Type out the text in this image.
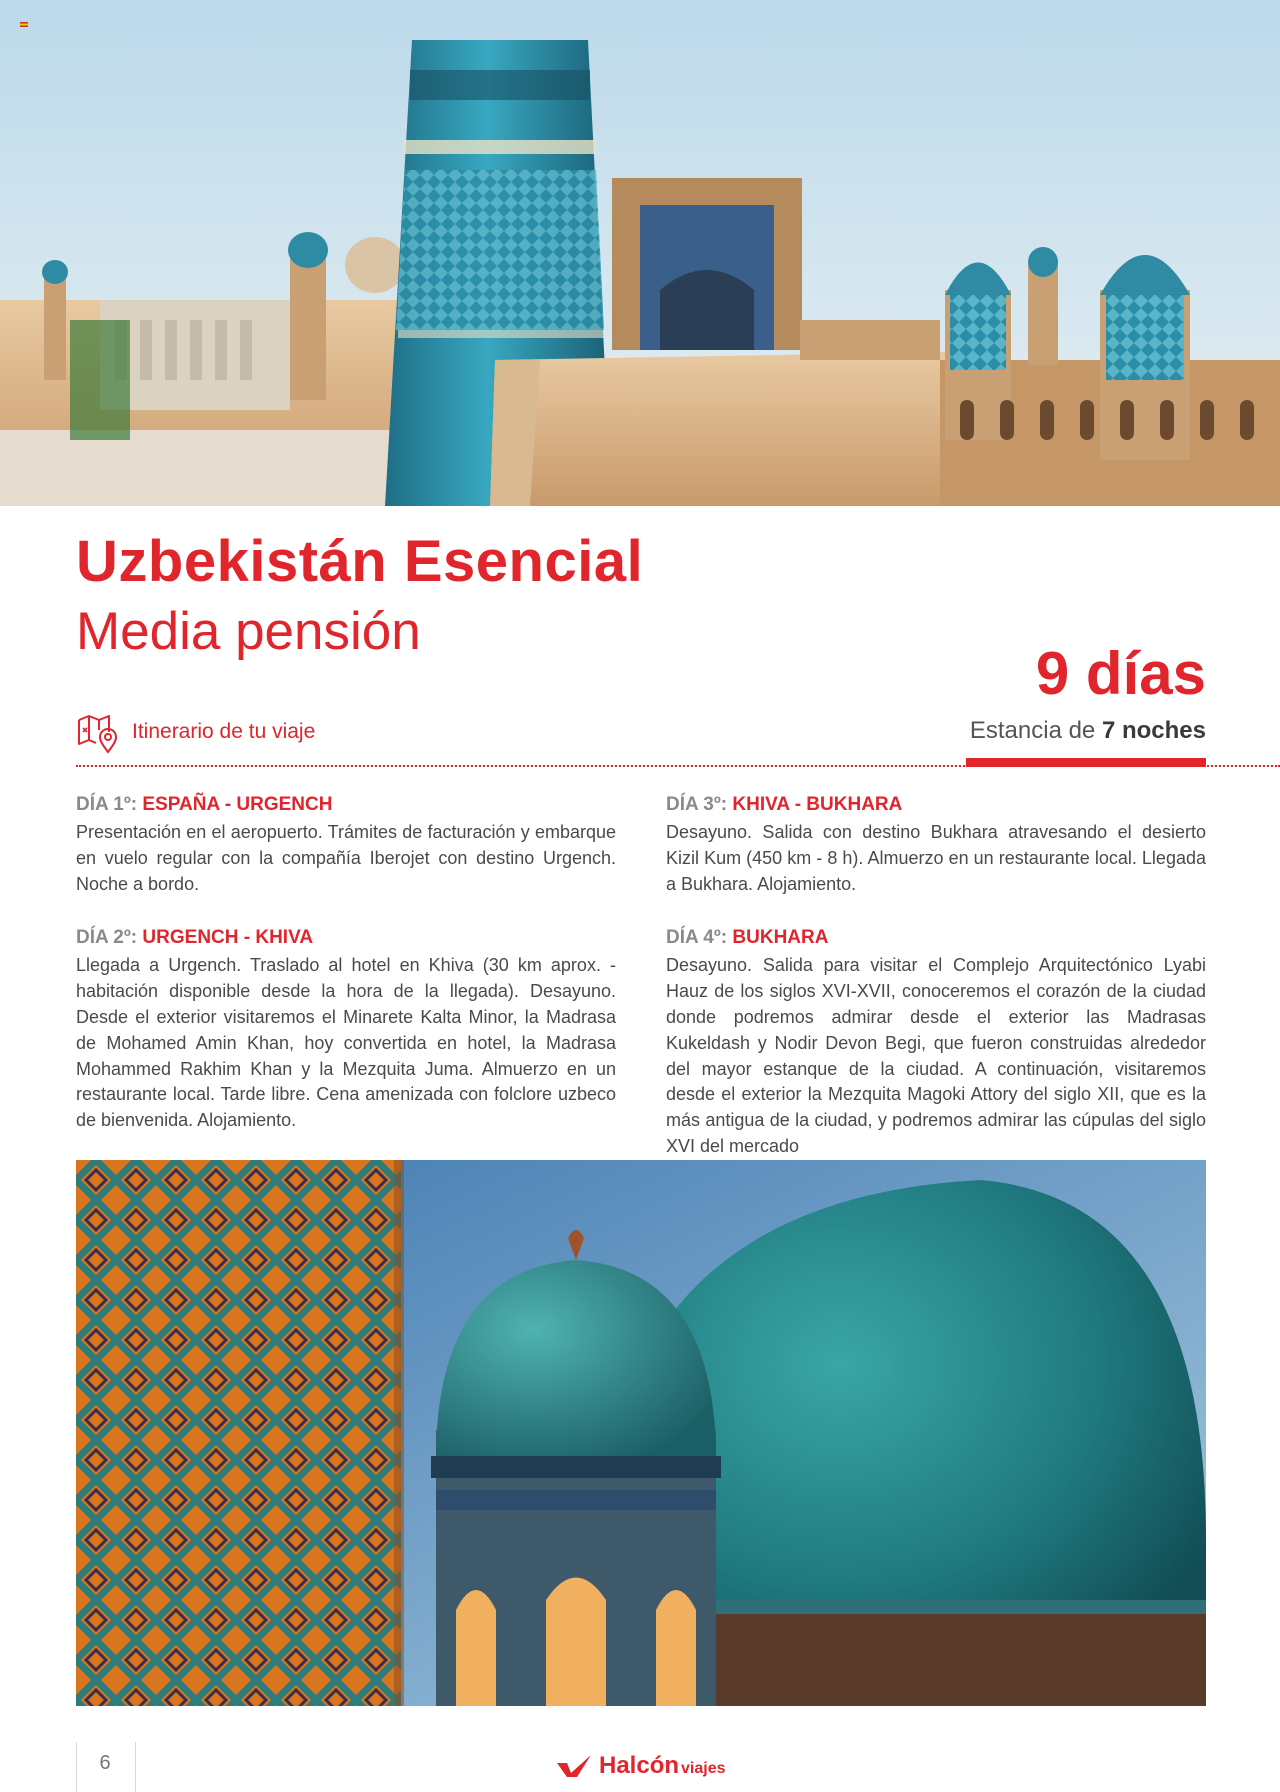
Uzbekistán Esencial
Media pensión
9 días
Estancia de 7 noches
Itinerario de tu viaje
DÍA 1º: ESPAÑA - URGENCH

Presentación en el aeropuerto. Trámites de facturación y embarque en vuelo regular con la compañía Iberojet con destino Urgench. Noche a bordo.

DÍA 2º: URGENCH - KHIVA

Llegada a Urgench. Traslado al hotel en Khiva (30 km aprox. - habitación disponible desde la hora de la llegada). Desayuno. Desde el exterior visitaremos el Minarete Kalta Minor, la Madrasa de Mohamed Amin Khan, hoy convertida en hotel, la Madrasa Mohammed Rakhim Khan y la Mezquita Juma. Almuerzo en un restaurante local. Tarde libre. Cena amenizada con folclore uzbeco de bienvenida. Alojamiento.

DÍA 3º: KHIVA - BUKHARA

Desayuno. Salida con destino Bukhara atravesando el desierto Kizil Kum (450 km - 8 h). Almuerzo en un restaurante local. Llegada a Bukhara. Alojamiento.

DÍA 4º: BUKHARA

Desayuno. Salida para visitar el Complejo Arquitectónico Lyabi Hauz de los siglos XVI-XVII, conoceremos el corazón de la ciudad donde podremos admirar desde el exterior las Madrasas Kukeldash y Nodir Devon Begi, que fueron construidas alrededor del mayor estanque de la ciudad. A continuación, visitaremos desde el exterior la Mezquita Magoki Attory del siglo XII, que es la más antigua de la ciudad, y podremos admirar las cúpulas del siglo XVI del mercado

6	Halcón viajes
